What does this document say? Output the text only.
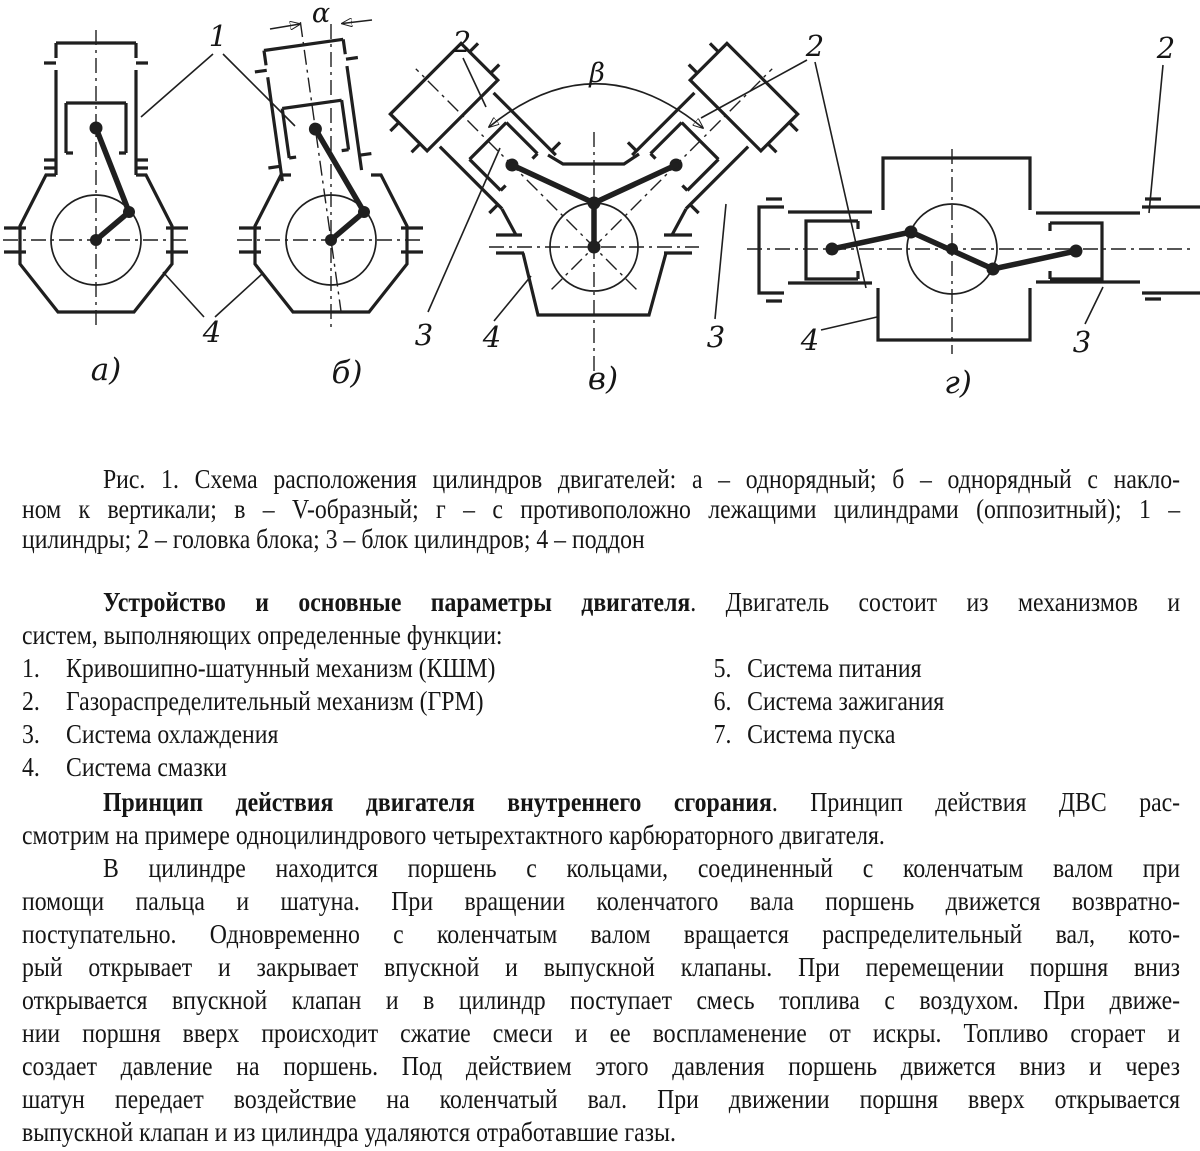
1
α
2
β
2	2
4	3 4	3	4	3
а)	б)	в)	г)
Рис. 1. Схема расположения цилиндров двигателей: а – однорядный; б – однорядный с накло-
ном к вертикали; в – V-образный; г – с противоположно лежащими цилиндрами (оппозитный); 1 –
цилиндры; 2 – головка блока; 3 – блок цилиндров; 4 – поддон
Устройство и основные параметры двигателя. Двигатель состоит из механизмов и
систем, выполняющих определенные функции:
1. Кривошипно-шатунный механизм (КШМ)	5. Система питания
2. Газораспределительный механизм (ГРМ)	6. Система зажигания
3. Система охлаждения	7. Система пуска
4. Система смазки
Принцип действия двигателя внутреннего сгорания. Принцип действия ДВС рас-
смотрим на примере одноцилиндрового четырехтактного карбюраторного двигателя.
В цилиндре находится поршень с кольцами, соединенный с коленчатым валом при
помощи пальца и шатуна. При вращении коленчатого вала поршень движется возвратно-
поступательно. Одновременно с коленчатым валом вращается распределительный вал, кото-
рый открывает и закрывает впускной и выпускной клапаны. При перемещении поршня вниз
открывается впускной клапан и в цилиндр поступает смесь топлива с воздухом. При движе-
нии поршня вверх происходит сжатие смеси и ее воспламенение от искры. Топливо сгорает и
создает давление на поршень. Под действием этого давления поршень движется вниз и через
шатун передает воздействие на коленчатый вал. При движении поршня вверх открывается
выпускной клапан и из цилиндра удаляются отработавшие газы.
